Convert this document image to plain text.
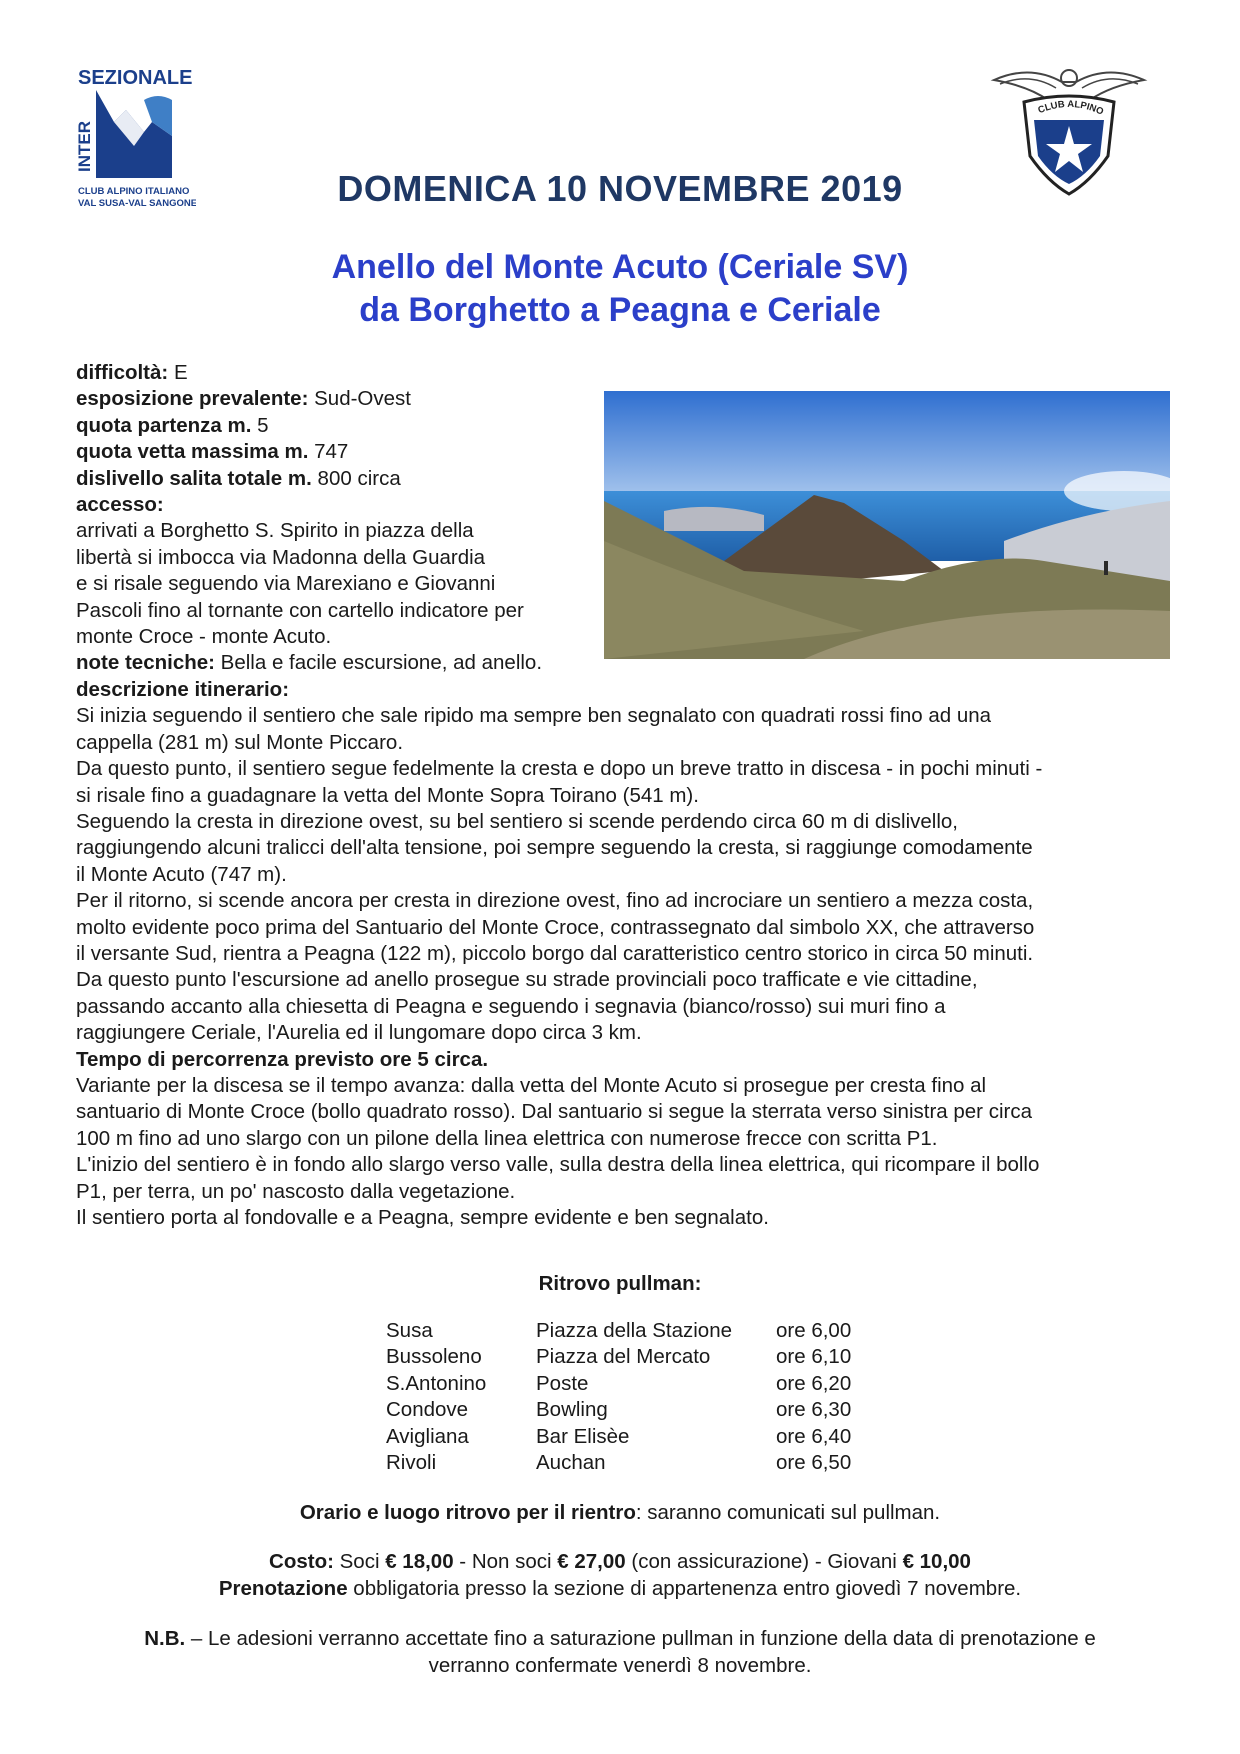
SEZIONALE
INTER
CLUB ALPINO ITALIANO
VAL SUSA-VAL SANGONE
CLUB ALPINO
DOMENICA 10 NOVEMBRE 2019
Anello del Monte Acuto (Ceriale SV)
da Borghetto a Peagna e Ceriale
difficoltà: E
esposizione prevalente: Sud-Ovest
quota partenza m. 5
quota vetta massima m. 747
dislivello salita totale m. 800 circa
accesso:
arrivati a Borghetto S. Spirito in piazza della
libertà si imbocca via Madonna della Guardia
e si risale seguendo via Marexiano e Giovanni
Pascoli fino al tornante con cartello indicatore per
monte Croce - monte Acuto.
note tecniche: Bella e facile escursione, ad anello.
descrizione itinerario:
Si inizia seguendo il sentiero che sale ripido ma sempre ben segnalato con quadrati rossi fino ad una
cappella (281 m) sul Monte Piccaro.
Da questo punto, il sentiero segue fedelmente la cresta e dopo un breve tratto in discesa - in pochi minuti -
si risale fino a guadagnare la vetta del Monte Sopra Toirano (541 m).
Seguendo la cresta in direzione ovest, su bel sentiero si scende perdendo circa 60 m di dislivello,
raggiungendo alcuni tralicci dell'alta tensione, poi sempre seguendo la cresta, si raggiunge comodamente
il Monte Acuto (747 m).
Per il ritorno, si scende ancora per cresta in direzione ovest, fino ad incrociare un sentiero a mezza costa,
molto evidente poco prima del Santuario del Monte Croce, contrassegnato dal simbolo XX, che attraverso
il versante Sud, rientra a Peagna (122 m), piccolo borgo dal caratteristico centro storico in circa 50 minuti.
Da questo punto l'escursione ad anello prosegue su strade provinciali poco trafficate e vie cittadine,
passando accanto alla chiesetta di Peagna e seguendo i segnavia (bianco/rosso) sui muri fino a
raggiungere Ceriale, l'Aurelia ed il lungomare dopo circa 3 km.
Tempo di percorrenza previsto ore 5 circa.
Variante per la discesa se il tempo avanza: dalla vetta del Monte Acuto si prosegue per cresta fino al
santuario di Monte Croce (bollo quadrato rosso). Dal santuario si segue la sterrata verso sinistra per circa
100 m fino ad uno slargo con un pilone della linea elettrica con numerose frecce con scritta P1.
L'inizio del sentiero è in fondo allo slargo verso valle, sulla destra della linea elettrica, qui ricompare il bollo
P1, per terra, un po' nascosto dalla vegetazione.
Il sentiero porta al fondovalle e a Peagna, sempre evidente e ben segnalato.
Ritrovo pullman:
Susa	Piazza della Stazione	ore 6,00
Bussoleno	Piazza del Mercato	ore 6,10
S.Antonino	Poste	ore 6,20
Condove	Bowling	ore 6,30
Avigliana	Bar Elisèe	ore 6,40
Rivoli	Auchan	ore 6,50
Orario e luogo ritrovo per il rientro: saranno comunicati sul pullman.
Costo: Soci € 18,00 - Non soci € 27,00 (con assicurazione) - Giovani € 10,00
Prenotazione obbligatoria presso la sezione di appartenenza entro giovedì 7 novembre.
N.B. – Le adesioni verranno accettate fino a saturazione pullman in funzione della data di prenotazione e
verranno confermate venerdì 8 novembre.
